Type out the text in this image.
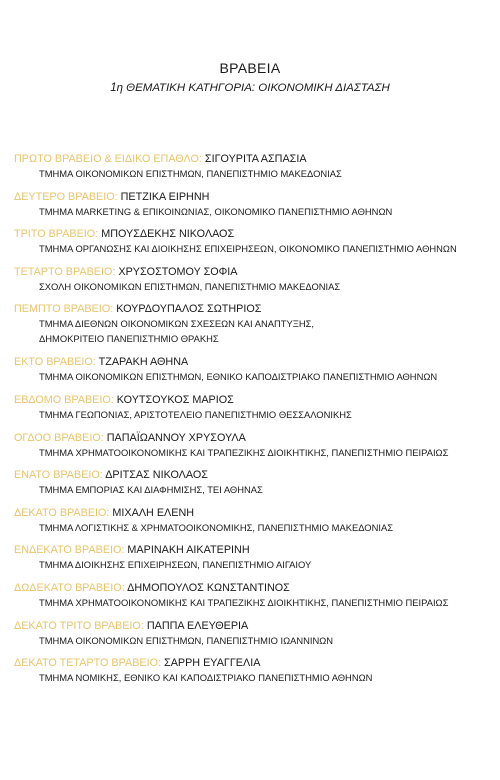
ΒΡΑΒΕΙΑ
1η ΘΕΜΑΤΙΚΗ ΚΑΤΗΓΟΡΙΑ: ΟΙΚΟΝΟΜΙΚΗ ΔΙΑΣΤΑΣΗ
ΠΡΩΤΟ ΒΡΑΒΕΙΟ & ΕΙΔΙΚΟ ΕΠΑΘΛΟ: ΣΙΓΟΥΡΙΤΑ ΑΣΠΑΣΙΑ
ΤΜΗΜΑ ΟΙΚΟΝΟΜΙΚΩΝ ΕΠΙΣΤΗΜΩΝ, ΠΑΝΕΠΙΣΤΗΜΙΟ ΜΑΚΕΔΟΝΙΑΣ
ΔΕΥΤΕΡΟ ΒΡΑΒΕΙΟ: ΠΕΤΖΙΚΑ ΕΙΡΗΝΗ
ΤΜΗΜΑ MARKETING & ΕΠΙΚΟΙΝΩΝΙΑΣ, ΟΙΚΟΝΟΜΙΚΟ ΠΑΝΕΠΙΣΤΗΜΙΟ ΑΘΗΝΩΝ
ΤΡΙΤΟ ΒΡΑΒΕΙΟ: ΜΠΟΥΣΔΕΚΗΣ ΝΙΚΟΛΑΟΣ
ΤΜΗΜΑ ΟΡΓΑΝΩΣΗΣ ΚΑΙ ΔΙΟΙΚΗΣΗΣ ΕΠΙΧΕΙΡΗΣΕΩΝ, ΟΙΚΟΝΟΜΙΚΟ ΠΑΝΕΠΙΣΤΗΜΙΟ ΑΘΗΝΩΝ
ΤΕΤΑΡΤΟ ΒΡΑΒΕΙΟ: ΧΡΥΣΟΣΤΟΜΟΥ ΣΟΦΙΑ
ΣΧΟΛΗ ΟΙΚΟΝΟΜΙΚΩΝ ΕΠΙΣΤΗΜΩΝ, ΠΑΝΕΠΙΣΤΗΜΙΟ ΜΑΚΕΔΟΝΙΑΣ
ΠΕΜΠΤΟ ΒΡΑΒΕΙΟ: ΚΟΥΡΔΟΥΠΑΛΟΣ ΣΩΤΗΡΙΟΣ
ΤΜΗΜΑ ΔΙΕΘΝΩΝ ΟΙΚΟΝΟΜΙΚΩΝ ΣΧΕΣΕΩΝ ΚΑΙ ΑΝΑΠΤΥΞΗΣ,
ΔΗΜΟΚΡΙΤΕΙΟ ΠΑΝΕΠΙΣΤΗΜΙΟ ΘΡΑΚΗΣ
ΕΚΤΟ ΒΡΑΒΕΙΟ: ΤΖΑΡΑΚΗ ΑΘΗΝΑ
ΤΜΗΜΑ ΟΙΚΟΝΟΜΙΚΩΝ ΕΠΙΣΤΗΜΩΝ, ΕΘΝΙΚΟ ΚΑΠΟΔΙΣΤΡΙΑΚΟ ΠΑΝΕΠΙΣΤΗΜΙΟ ΑΘΗΝΩΝ
ΕΒΔΟΜΟ ΒΡΑΒΕΙΟ: ΚΟΥΤΣΟΥΚΟΣ ΜΑΡΙΟΣ
ΤΜΗΜΑ ΓΕΩΠΟΝΙΑΣ, ΑΡΙΣΤΟΤΕΛΕΙΟ ΠΑΝΕΠΙΣΤΗΜΙΟ ΘΕΣΣΑΛΟΝΙΚΗΣ
ΟΓΔΟΟ ΒΡΑΒΕΙΟ: ΠΑΠΑΪΩΑΝΝΟΥ ΧΡΥΣΟΥΛΑ
ΤΜΗΜΑ ΧΡΗΜΑΤΟΟΙΚΟΝΟΜΙΚΗΣ ΚΑΙ ΤΡΑΠΕΖΙΚΗΣ ΔΙΟΙΚΗΤΙΚΗΣ, ΠΑΝΕΠΙΣΤΗΜΙΟ ΠΕΙΡΑΙΩΣ
ΕΝΑΤΟ ΒΡΑΒΕΙΟ: ΔΡΙΤΣΑΣ ΝΙΚΟΛΑΟΣ
ΤΜΗΜΑ ΕΜΠΟΡΙΑΣ ΚΑΙ ΔΙΑΦΗΜΙΣΗΣ, ΤΕΙ ΑΘΗΝΑΣ
ΔΕΚΑΤΟ ΒΡΑΒΕΙΟ: ΜΙΧΑΛΗ ΕΛΕΝΗ
ΤΜΗΜΑ ΛΟΓΙΣΤΙΚΗΣ & ΧΡΗΜΑΤΟΟΙΚΟΝΟΜΙΚΗΣ, ΠΑΝΕΠΙΣΤΗΜΙΟ ΜΑΚΕΔΟΝΙΑΣ
ΕΝΔΕΚΑΤΟ ΒΡΑΒΕΙΟ: ΜΑΡΙΝΑΚΗ ΑΙΚΑΤΕΡΙΝΗ
ΤΜΗΜΑ ΔΙΟΙΚΗΣΗΣ ΕΠΙΧΕΙΡΗΣΕΩΝ, ΠΑΝΕΠΙΣΤΗΜΙΟ ΑΙΓΑΙΟΥ
ΔΩΔΕΚΑΤΟ ΒΡΑΒΕΙΟ: ΔΗΜΟΠΟΥΛΟΣ ΚΩΝΣΤΑΝΤΙΝΟΣ
ΤΜΗΜΑ ΧΡΗΜΑΤΟΟΙΚΟΝΟΜΙΚΗΣ ΚΑΙ ΤΡΑΠΕΖΙΚΗΣ ΔΙΟΙΚΗΤΙΚΗΣ, ΠΑΝΕΠΙΣΤΗΜΙΟ ΠΕΙΡΑΙΩΣ
ΔΕΚΑΤΟ ΤΡΙΤΟ ΒΡΑΒΕΙΟ: ΠΑΠΠΑ ΕΛΕΥΘΕΡΙΑ
ΤΜΗΜΑ ΟΙΚΟΝΟΜΙΚΩΝ ΕΠΙΣΤΗΜΩΝ, ΠΑΝΕΠΙΣΤΗΜΙΟ ΙΩΑΝΝΙΝΩΝ
ΔΕΚΑΤΟ ΤΕΤΑΡΤΟ ΒΡΑΒΕΙΟ: ΣΑΡΡΗ ΕΥΑΓΓΕΛΙΑ
ΤΜΗΜΑ ΝΟΜΙΚΗΣ, ΕΘΝΙΚΟ ΚΑΙ ΚΑΠΟΔΙΣΤΡΙΑΚΟ ΠΑΝΕΠΙΣΤΗΜΙΟ ΑΘΗΝΩΝ
